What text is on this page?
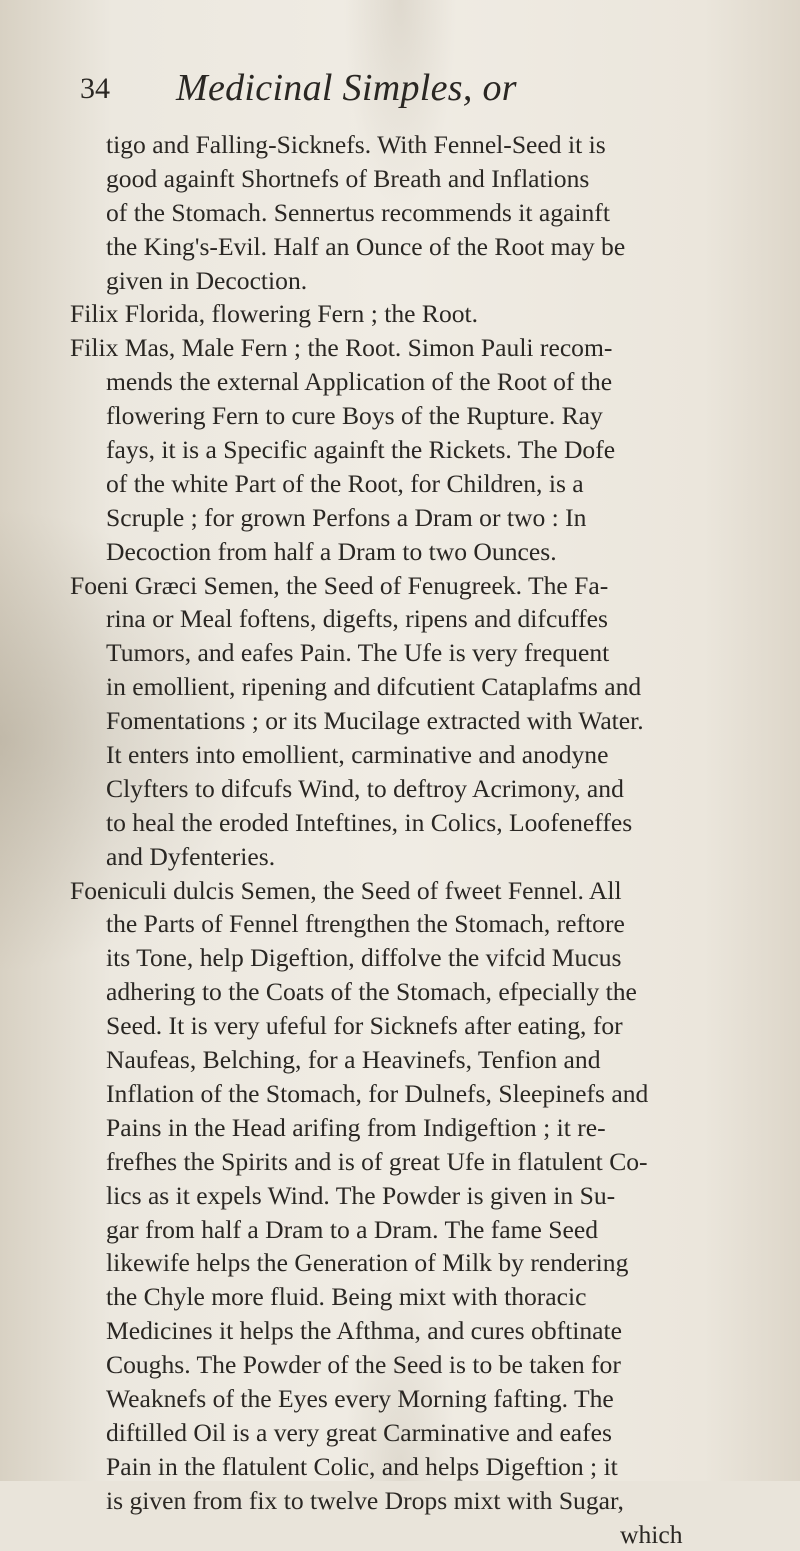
34 Medicinal Simples, or
tigo and Falling-Sicknefs. With Fennel-Seed it is
good againft Shortnefs of Breath and Inflations
of the Stomach. Sennertus recommends it againft
the King's-Evil. Half an Ounce of the Root may be
given in Decoction.
Filix Florida, flowering Fern ; the Root.
Filix Mas, Male Fern ; the Root. Simon Pauli recom-
mends the external Application of the Root of the
flowering Fern to cure Boys of the Rupture. Ray
fays, it is a Specific againft the Rickets. The Dofe
of the white Part of the Root, for Children, is a
Scruple ; for grown Perfons a Dram or two : In
Decoction from half a Dram to two Ounces.
Foeni Græci Semen, the Seed of Fenugreek. The Fa-
rina or Meal foftens, digefts, ripens and difcuffes
Tumors, and eafes Pain. The Ufe is very frequent
in emollient, ripening and difcutient Cataplafms and
Fomentations ; or its Mucilage extracted with Water.
It enters into emollient, carminative and anodyne
Clyfters to difcufs Wind, to deftroy Acrimony, and
to heal the eroded Inteftines, in Colics, Loofeneffes
and Dyfenteries.
Foeniculi dulcis Semen, the Seed of fweet Fennel. All
the Parts of Fennel ftrengthen the Stomach, reftore
its Tone, help Digeftion, diffolve the vifcid Mucus
adhering to the Coats of the Stomach, efpecially the
Seed. It is very ufeful for Sicknefs after eating, for
Naufeas, Belching, for a Heavinefs, Tenfion and
Inflation of the Stomach, for Dulnefs, Sleepinefs and
Pains in the Head arifing from Indigeftion ; it re-
frefhes the Spirits and is of great Ufe in flatulent Co-
lics as it expels Wind. The Powder is given in Su-
gar from half a Dram to a Dram. The fame Seed
likewife helps the Generation of Milk by rendering
the Chyle more fluid. Being mixt with thoracic
Medicines it helps the Afthma, and cures obftinate
Coughs. The Powder of the Seed is to be taken for
Weaknefs of the Eyes every Morning fafting. The
diftilled Oil is a very great Carminative and eafes
Pain in the flatulent Colic, and helps Digeftion ; it
is given from fix to twelve Drops mixt with Sugar,
which
